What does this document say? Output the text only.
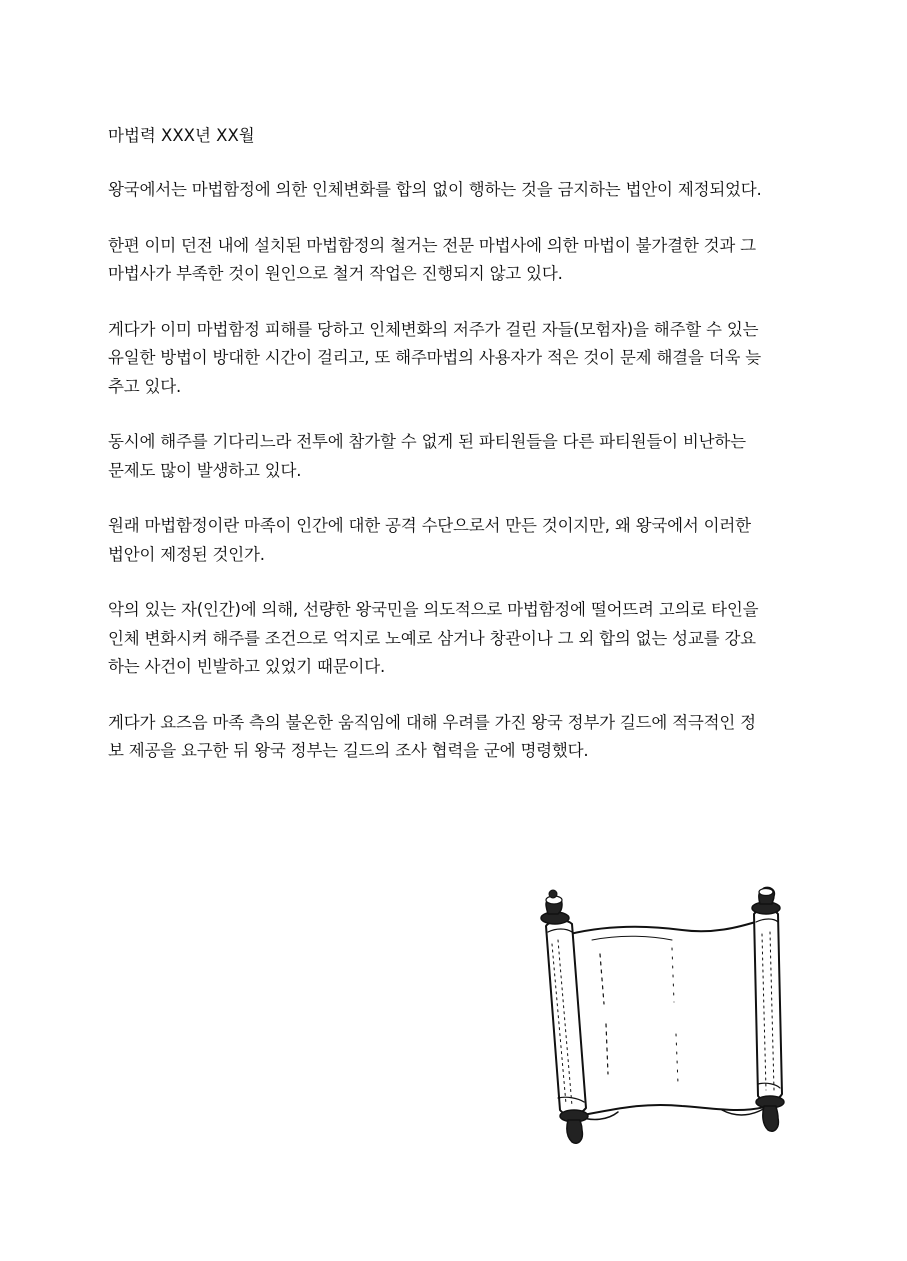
마법력 XXX년 XX월

왕국에서는 마법함정에 의한 인체변화를 합의 없이 행하는 것을 금지하는 법안이 제정되었다.

한편 이미 던전 내에 설치된 마법함정의 철거는 전문 마법사에 의한 마법이 불가결한 것과 그
마법사가 부족한 것이 원인으로 철거 작업은 진행되지 않고 있다.

게다가 이미 마법함정 피해를 당하고 인체변화의 저주가 걸린 자들(모험자)을 해주할 수 있는
유일한 방법이 방대한 시간이 걸리고, 또 해주마법의 사용자가 적은 것이 문제 해결을 더욱 늦
추고 있다.

동시에 해주를 기다리느라 전투에 참가할 수 없게 된 파티원들을 다른 파티원들이 비난하는
문제도 많이 발생하고 있다.

원래 마법함정이란 마족이 인간에 대한 공격 수단으로서 만든 것이지만, 왜 왕국에서 이러한
법안이 제정된 것인가.

악의 있는 자(인간)에 의해, 선량한 왕국민을 의도적으로 마법함정에 떨어뜨려 고의로 타인을
인체 변화시켜 해주를 조건으로 억지로 노예로 삼거나 창관이나 그 외 합의 없는 성교를 강요
하는 사건이 빈발하고 있었기 때문이다.

게다가 요즈음 마족 측의 불온한 움직임에 대해 우려를 가진 왕국 정부가 길드에 적극적인 정
보 제공을 요구한 뒤 왕국 정부는 길드의 조사 협력을 군에 명령했다.
